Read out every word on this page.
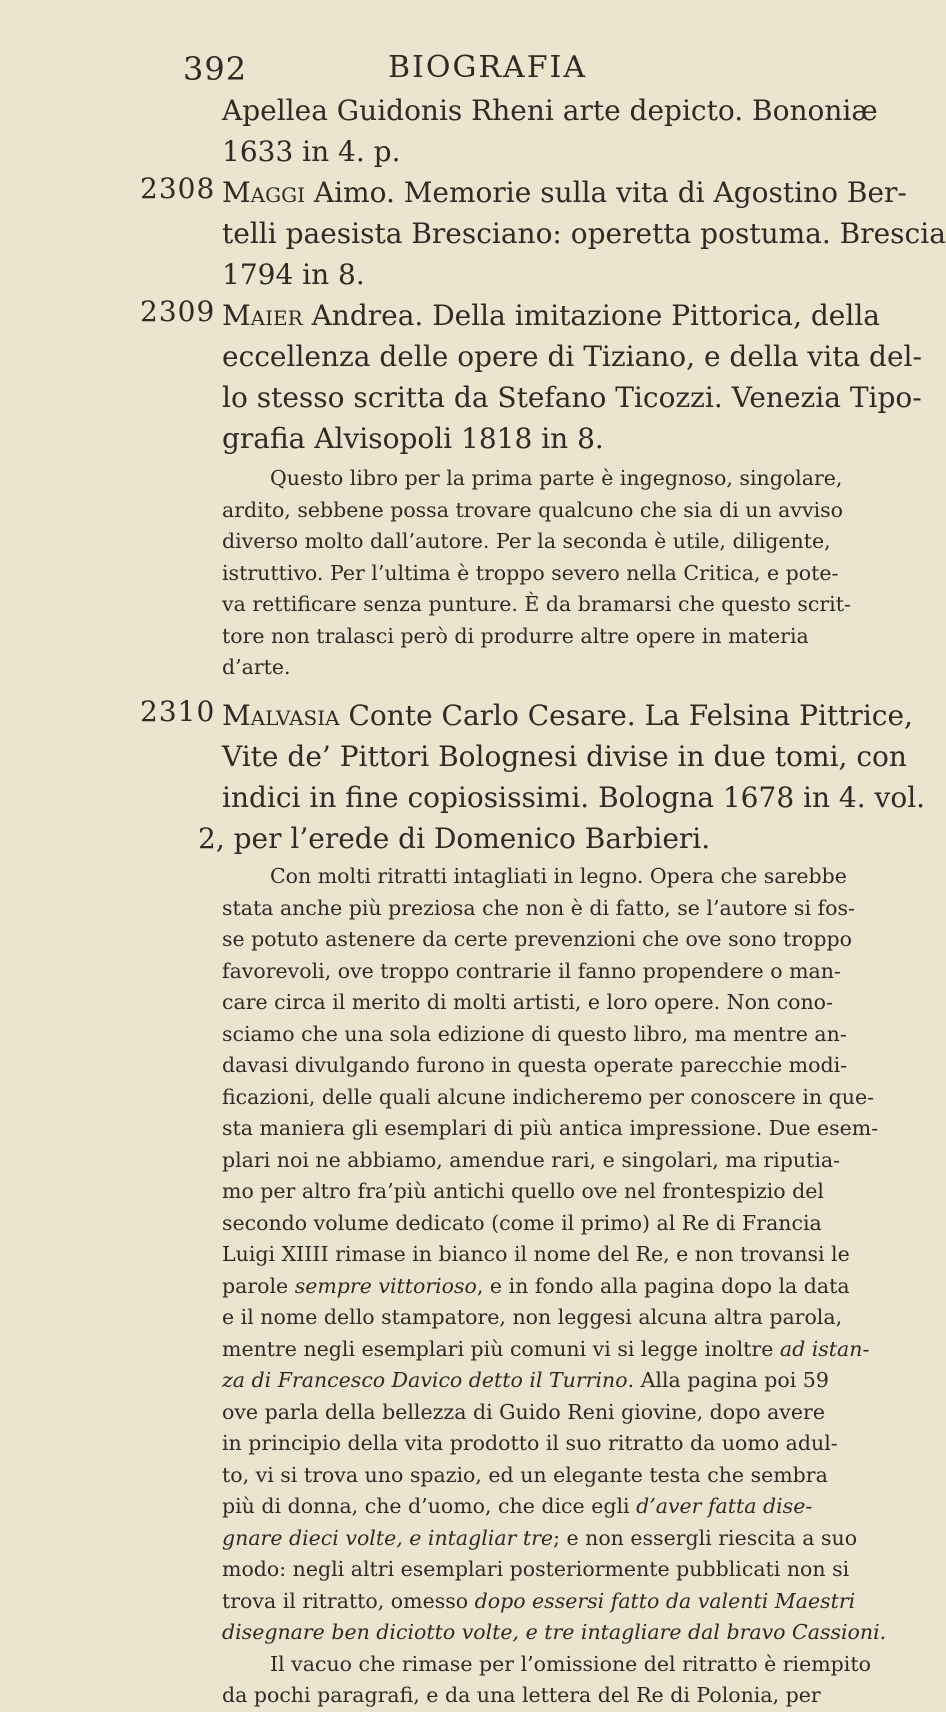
392	BIOGRAFIA
Apellea Guidonis Rheni arte depicto. Bononiæ
1633 in 4. p.
2308 Maggi Aimo. Memorie sulla vita di Agostino Ber-
telli paesista Bresciano: operetta postuma. Brescia
1794 in 8.
2309 Maier Andrea. Della imitazione Pittorica, della
eccellenza delle opere di Tiziano, e della vita del-
lo stesso scritta da Stefano Ticozzi. Venezia Tipo-
grafia Alvisopoli 1818 in 8.
Questo libro per la prima parte è ingegnoso, singolare,
ardito, sebbene possa trovare qualcuno che sia di un avviso
diverso molto dall’autore. Per la seconda è utile, diligente,
istruttivo. Per l’ultima è troppo severo nella Critica, e pote-
va rettificare senza punture. È da bramarsi che questo scrit-
tore non tralasci però di produrre altre opere in materia
d’arte.
2310 Malvasia Conte Carlo Cesare. La Felsina Pittrice,
Vite de’ Pittori Bolognesi divise in due tomi, con
indici in fine copiosissimi. Bologna 1678 in 4. vol.
2, per l’erede di Domenico Barbieri.
Con molti ritratti intagliati in legno. Opera che sarebbe
stata anche più preziosa che non è di fatto, se l’autore si fos-
se potuto astenere da certe prevenzioni che ove sono troppo
favorevoli, ove troppo contrarie il fanno propendere o man-
care circa il merito di molti artisti, e loro opere. Non cono-
sciamo che una sola edizione di questo libro, ma mentre an-
davasi divulgando furono in questa operate parecchie modi-
ficazioni, delle quali alcune indicheremo per conoscere in que-
sta maniera gli esemplari di più antica impressione. Due esem-
plari noi ne abbiamo, amendue rari, e singolari, ma riputia-
mo per altro fra’più antichi quello ove nel frontespizio del
secondo volume dedicato (come il primo) al Re di Francia
Luigi XIIII rimase in bianco il nome del Re, e non trovansi le
parole sempre vittorioso, e in fondo alla pagina dopo la data
e il nome dello stampatore, non leggesi alcuna altra parola,
mentre negli esemplari più comuni vi si legge inoltre ad istan-
za di Francesco Davico detto il Turrino. Alla pagina poi 59
ove parla della bellezza di Guido Reni giovine, dopo avere
in principio della vita prodotto il suo ritratto da uomo adul-
to, vi si trova uno spazio, ed un elegante testa che sembra
più di donna, che d’uomo, che dice egli d’aver fatta dise-
gnare dieci volte, e intagliar tre; e non essergli riescita a suo
modo: negli altri esemplari posteriormente pubblicati non si
trova il ritratto, omesso dopo essersi fatto da valenti Maestri
disegnare ben diciotto volte, e tre intagliare dal bravo Cassioni.
Il vacuo che rimase per l’omissione del ritratto è riempito
da pochi paragrafi, e da una lettera del Re di Polonia, per
